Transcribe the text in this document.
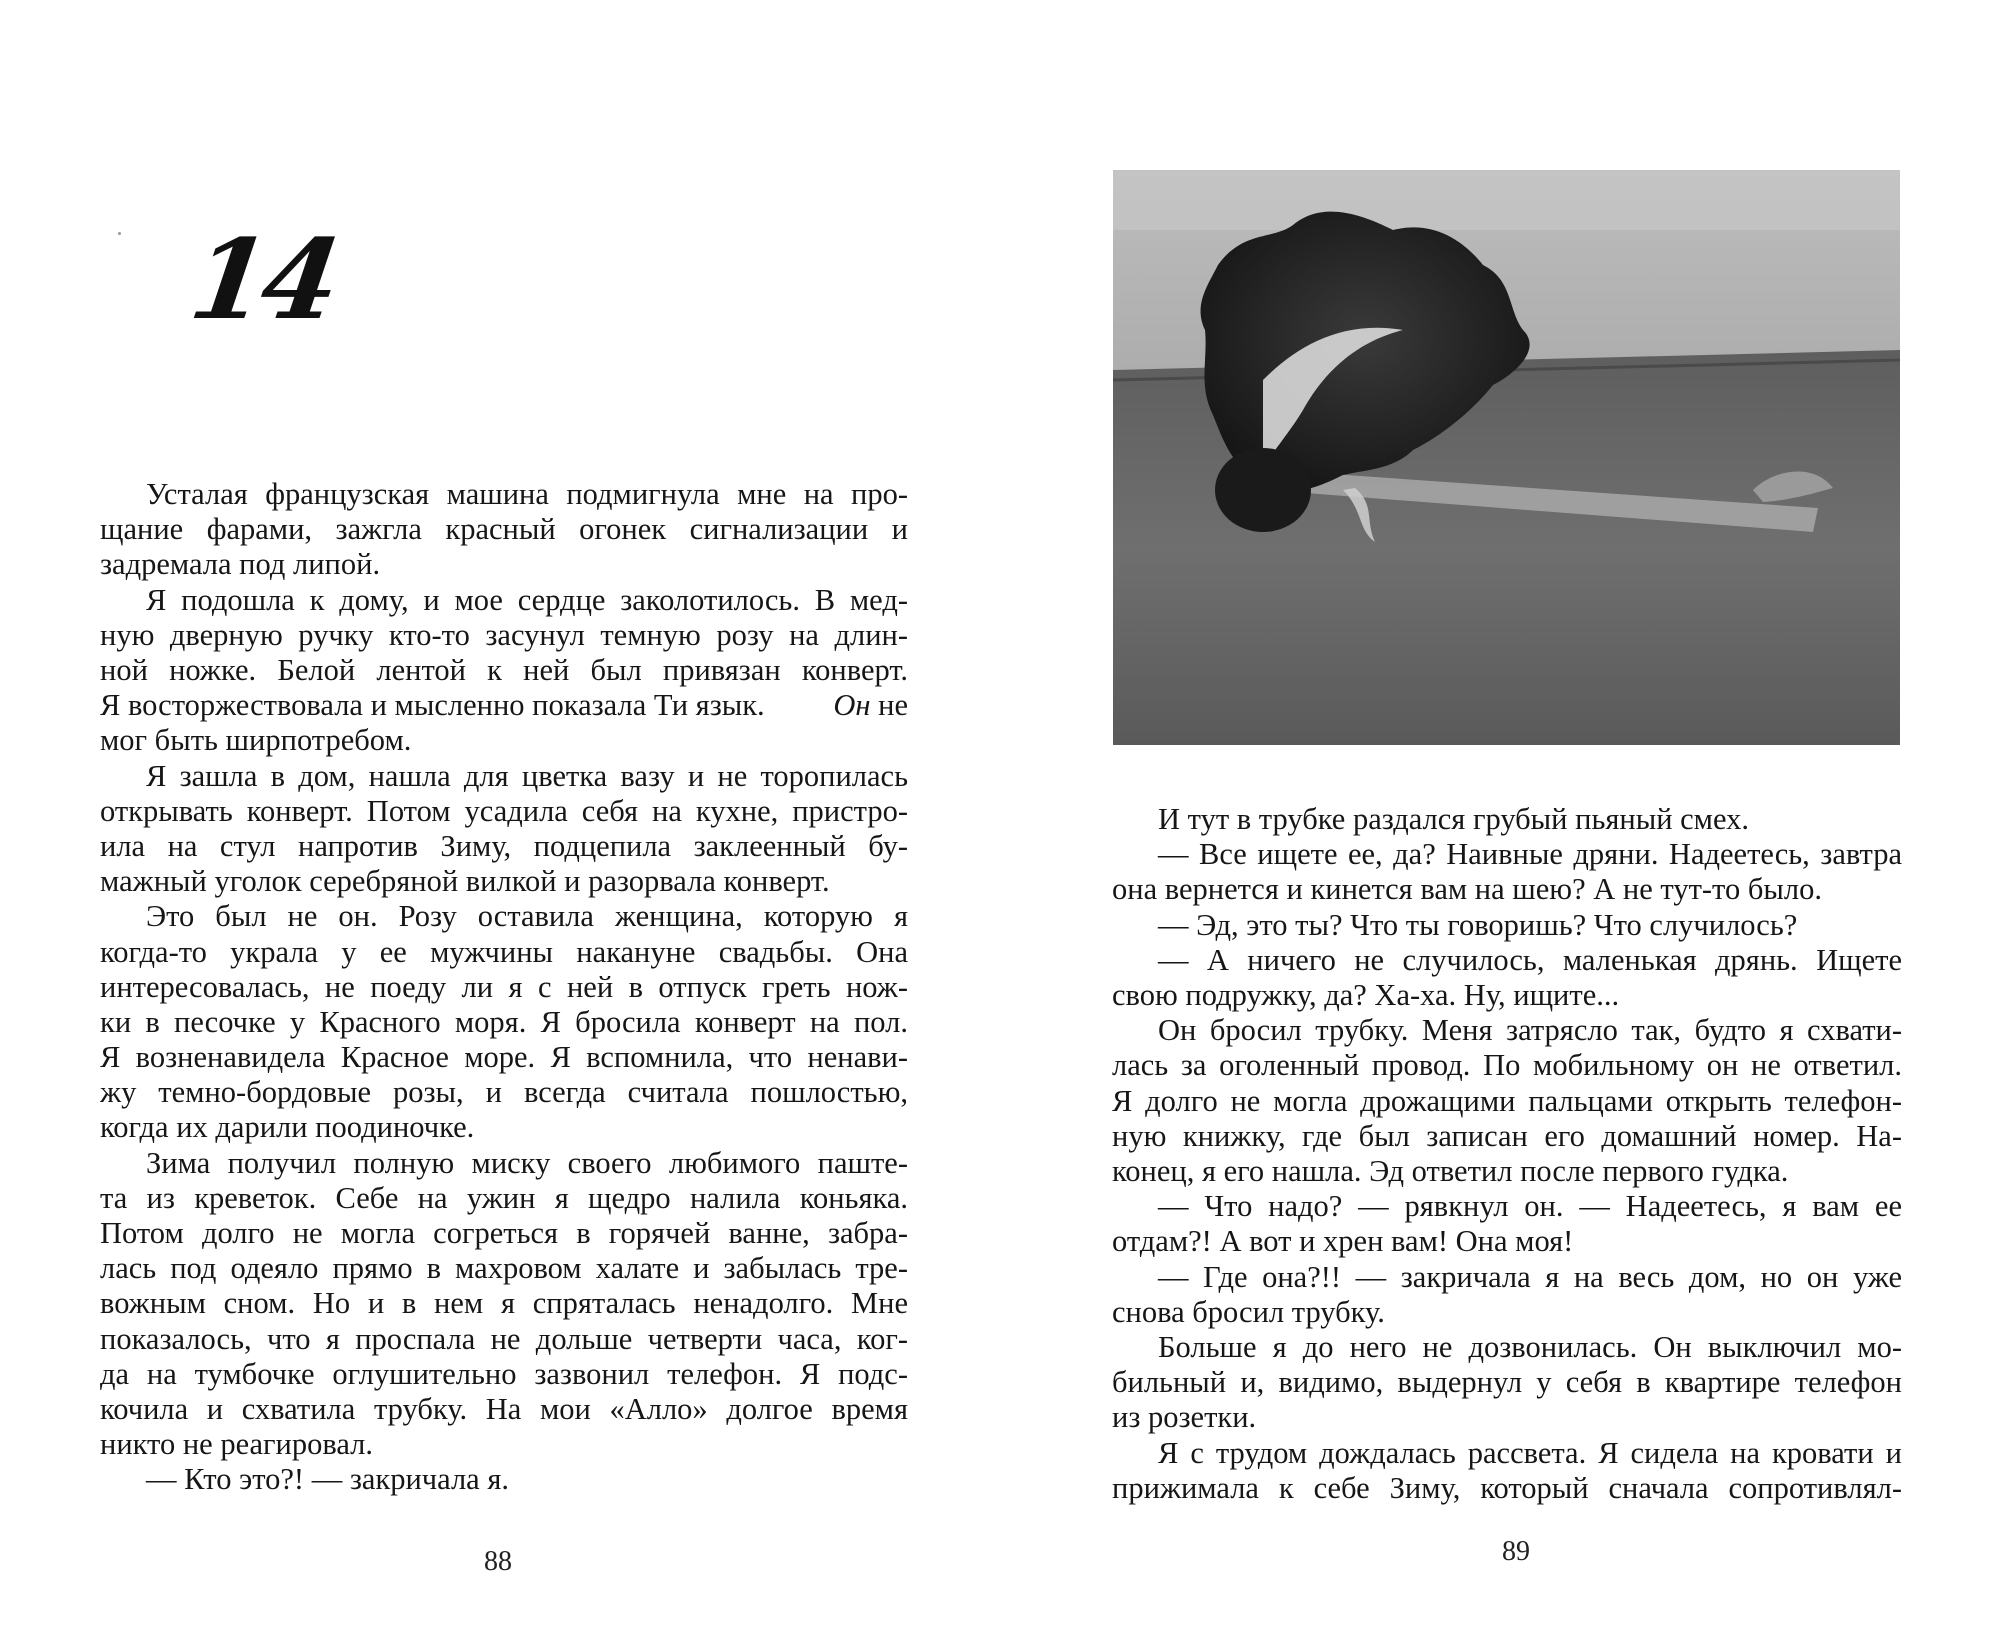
14
Усталая французская машина подмигнула мне на про-
щание фарами, зажгла красный огонек сигнализации и
задремала под липой.
Я подошла к дому, и мое сердце заколотилось. В мед-
ную дверную ручку кто-то засунул темную розу на длин-
ной ножке. Белой лентой к ней был привязан конверт.
Я восторжествовала и мысленно показала Ти язык. Он не
мог быть ширпотребом.
Я зашла в дом, нашла для цветка вазу и не торопилась
открывать конверт. Потом усадила себя на кухне, пристро-
ила на стул напротив Зиму, подцепила заклеенный бу-
мажный уголок серебряной вилкой и разорвала конверт.
Это был не он. Розу оставила женщина, которую я
когда-то украла у ее мужчины накануне свадьбы. Она
интересовалась, не поеду ли я с ней в отпуск греть нож-
ки в песочке у Красного моря. Я бросила конверт на пол.
Я возненавидела Красное море. Я вспомнила, что ненави-
жу темно-бордовые розы, и всегда считала пошлостью,
когда их дарили поодиночке.
Зима получил полную миску своего любимого паште-
та из креветок. Себе на ужин я щедро налила коньяка.
Потом долго не могла согреться в горячей ванне, забра-
лась под одеяло прямо в махровом халате и забылась тре-
вожным сном. Но и в нем я спряталась ненадолго. Мне
показалось, что я проспала не дольше четверти часа, ког-
да на тумбочке оглушительно зазвонил телефон. Я подс-
кочила и схватила трубку. На мои «Алло» долгое время
никто не реагировал.
— Кто это?! — закричала я.
88
И тут в трубке раздался грубый пьяный смех.
— Все ищете ее, да? Наивные дряни. Надеетесь, завтра
она вернется и кинется вам на шею? А не тут-то было.
— Эд, это ты? Что ты говоришь? Что случилось?
— А ничего не случилось, маленькая дрянь. Ищете
свою подружку, да? Ха-ха. Ну, ищите...
Он бросил трубку. Меня затрясло так, будто я схвати-
лась за оголенный провод. По мобильному он не ответил.
Я долго не могла дрожащими пальцами открыть телефон-
ную книжку, где был записан его домашний номер. На-
конец, я его нашла. Эд ответил после первого гудка.
— Что надо? — рявкнул он. — Надеетесь, я вам ее
отдам?! А вот и хрен вам! Она моя!
— Где она?!! — закричала я на весь дом, но он уже
снова бросил трубку.
Больше я до него не дозвонилась. Он выключил мо-
бильный и, видимо, выдернул у себя в квартире телефон
из розетки.
Я с трудом дождалась рассвета. Я сидела на кровати и
прижимала к себе Зиму, который сначала сопротивлял-
89
